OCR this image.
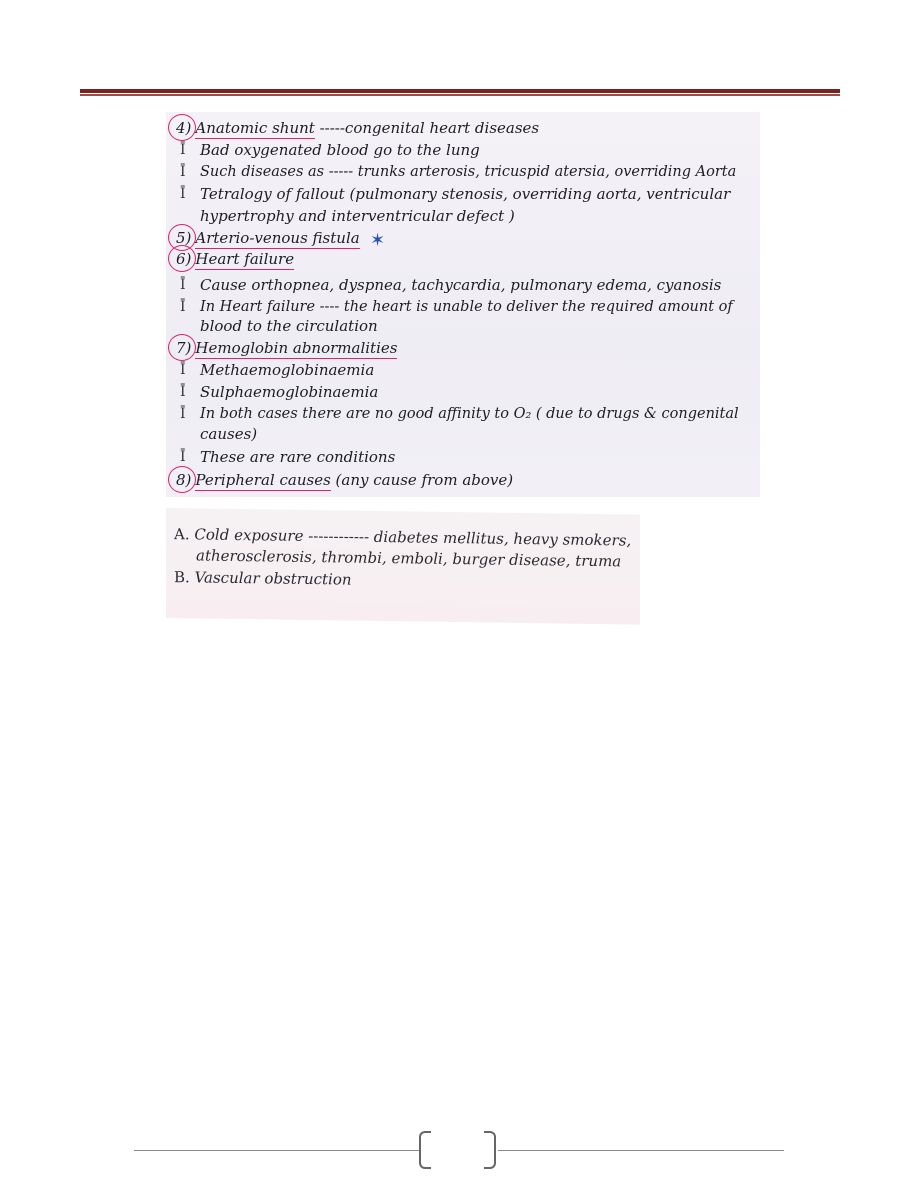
4) Anatomic shunt -----congenital heart diseases
Ī Bad oxygenated blood go to the lung
Ī Such diseases as ----- trunks arterosis, tricuspid atersia, overriding Aorta
Ī Tetralogy of fallout (pulmonary stenosis, overriding aorta, ventricular
hypertrophy and interventricular defect )
5) Arterio-venous fistula ✶
6) Heart failure
Ī Cause orthopnea, dyspnea, tachycardia, pulmonary edema, cyanosis
Ī In Heart failure ---- the heart is unable to deliver the required amount of
blood to the circulation
7) Hemoglobin abnormalities
Ī Methaemoglobinaemia
Ī Sulphaemoglobinaemia
Ī In both cases there are no good affinity to O₂ ( due to drugs & congenital
causes)
Ī These are rare conditions
8) Peripheral causes (any cause from above)
A. Cold exposure ------------ diabetes mellitus, heavy smokers,
atherosclerosis, thrombi, emboli, burger disease, truma
B. Vascular obstruction
